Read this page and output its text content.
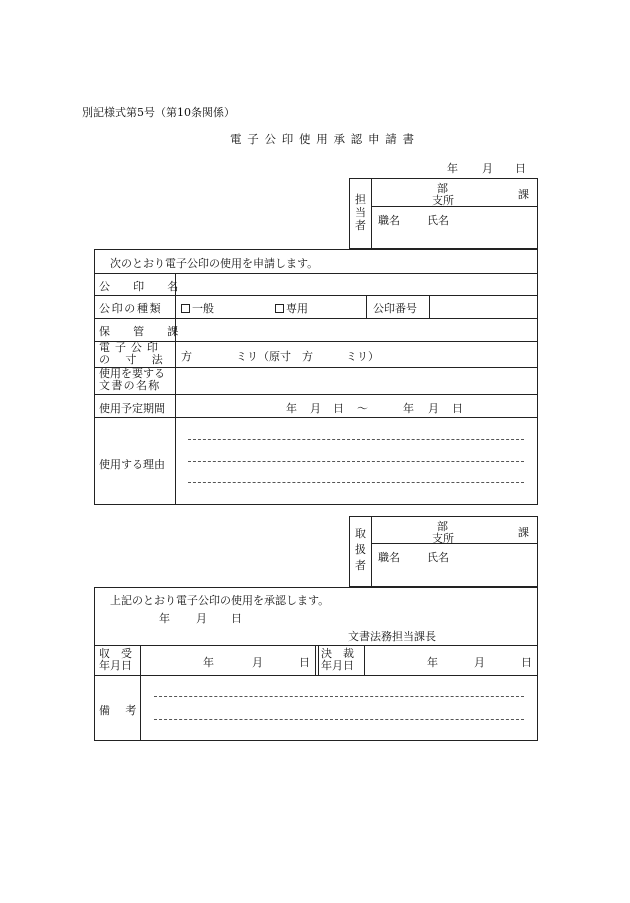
別記様式第5号（第10条関係）
電子公印使用承認申請書
年 月 日
担
当
者
部
支所	課
職名 氏名
次のとおり電子公印の使用を申請します。
公　印　名
公印の種類	一般	専用	公印番号
保　管　課
電子公印
の　寸　法 方　　　　ミリ（原寸　方　　　ミリ）
使用を要する
文書の名称
使用予定期間	年 月 日 〜	年 月 日
使用する理由
取
扱
者
部
支所	課
職名 氏名
上記のとおり電子公印の使用を承認します。
年 月 日
文書法務担当課長
収　受
年月日	年	月	日
決　裁
年月日	年	月	日
備　考
